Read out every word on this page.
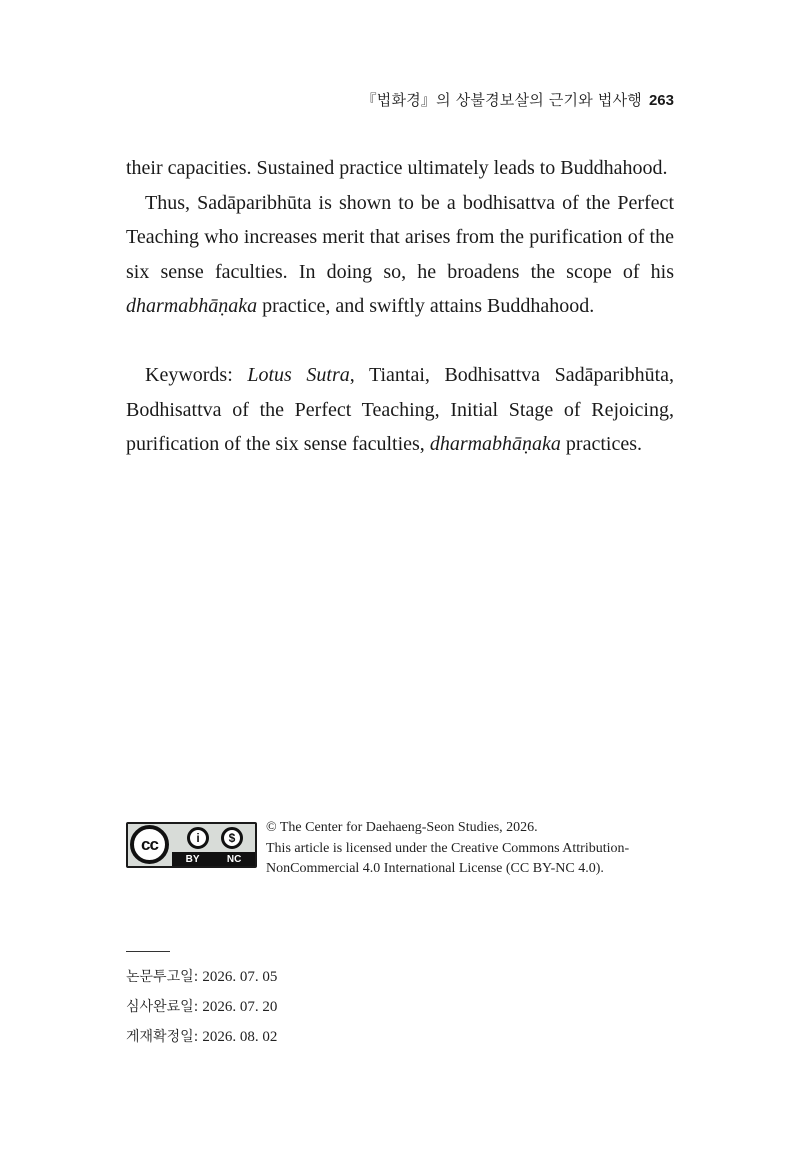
『법화경』의 상불경보살의 근기와 법사행 263

their capacities. Sustained practice ultimately leads to Buddhahood.

Thus, Sadāparibhūta is shown to be a bodhisattva of the Perfect Teaching who increases merit that arises from the purification of the six sense faculties. In doing so, he broadens the scope of his dharmabhāṇaka practice, and swiftly attains Buddhahood.

Keywords: Lotus Sutra, Tiantai, Bodhisattva Sadāparibhūta, Bodhisattva of the Perfect Teaching, Initial Stage of Rejoicing, purification of the six sense faculties, dharmabhāṇaka practices.

cc	i	$
BY	NC
© The Center for Daehaeng-Seon Studies, 2026.
This article is licensed under the Creative Commons Attribution-
NonCommercial 4.0 International License (CC BY-NC 4.0).
논문투고일: 2026. 07. 05
심사완료일: 2026. 07. 20
게재확정일: 2026. 08. 02
